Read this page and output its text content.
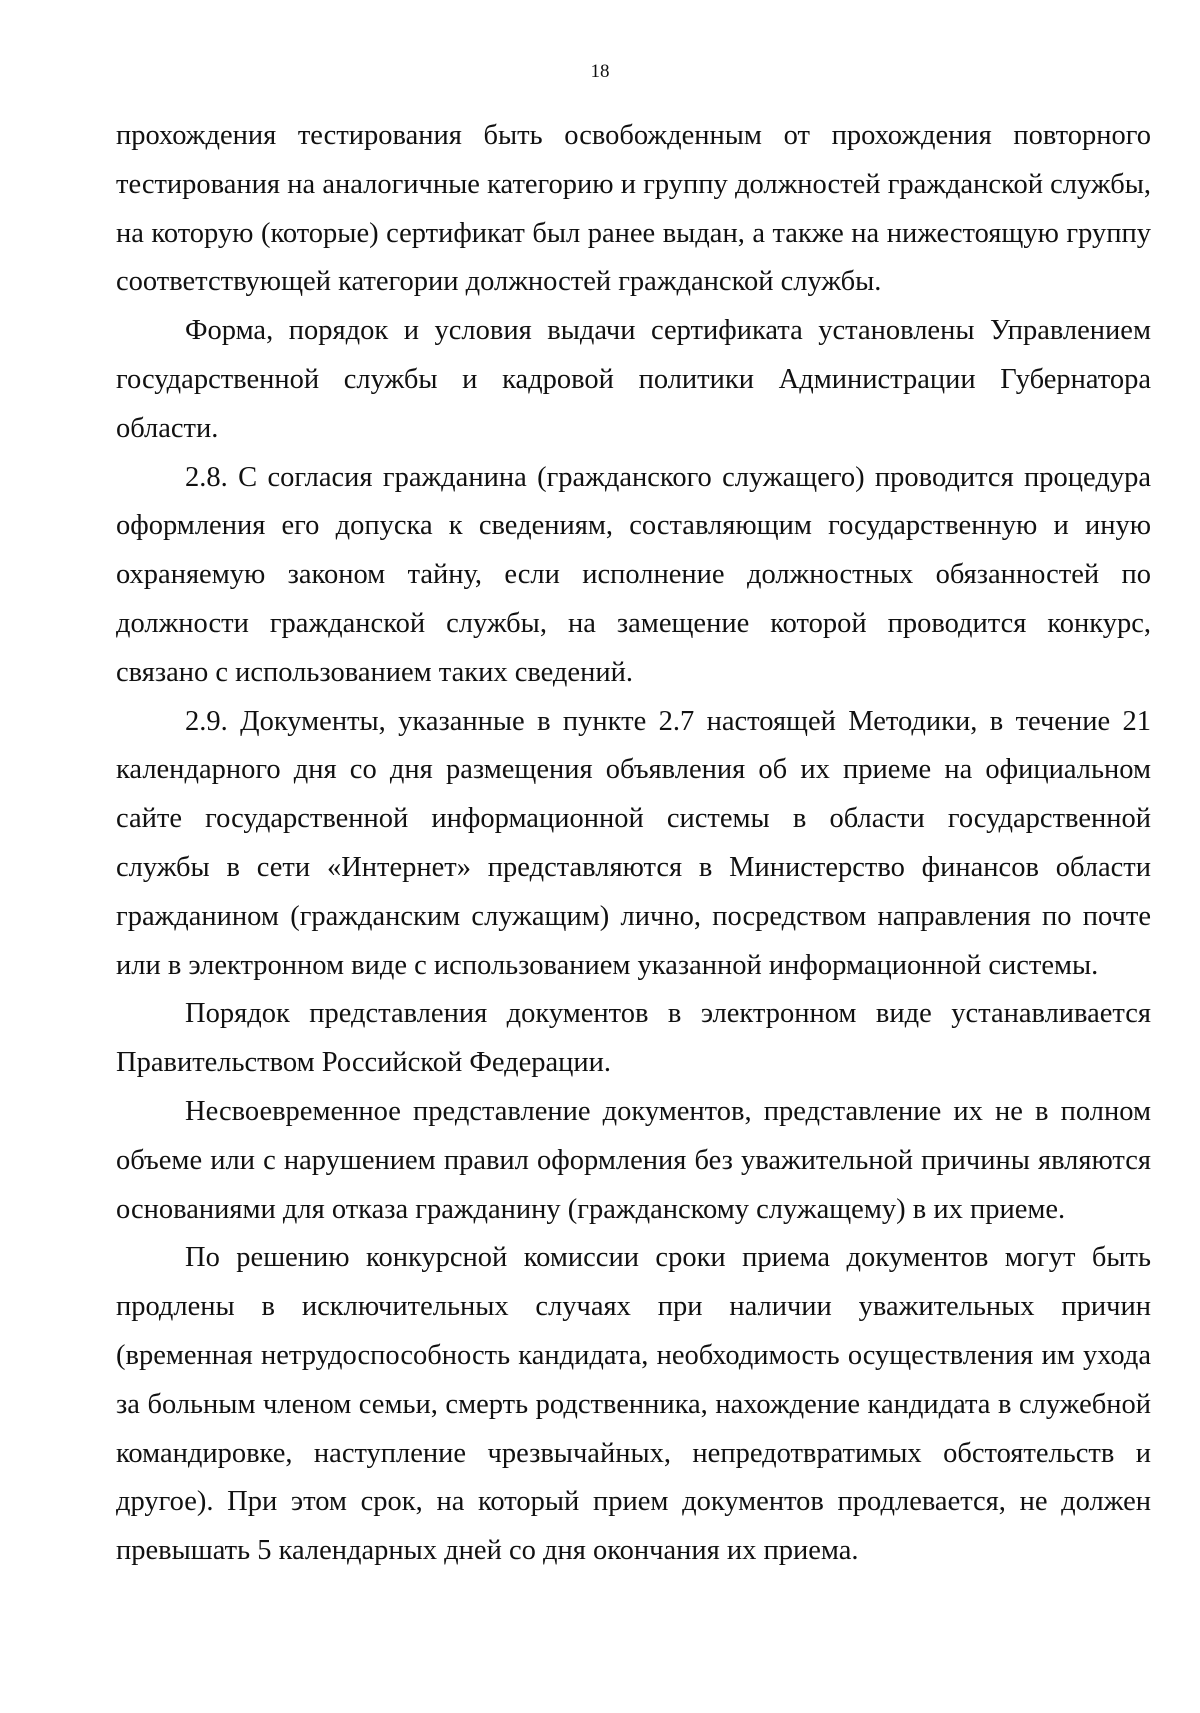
18

прохождения тестирования быть освобожденным от прохождения повторного тестирования на аналогичные категорию и группу должностей гражданской службы, на которую (которые) сертификат был ранее выдан, а также на нижестоящую группу соответствующей категории должностей гражданской службы.

Форма, порядок и условия выдачи сертификата установлены Управлением государственной службы и кадровой политики Администрации Губернатора области.

2.8. С согласия гражданина (гражданского служащего) проводится процедура оформления его допуска к сведениям, составляющим государственную и иную охраняемую законом тайну, если исполнение должностных обязанностей по должности гражданской службы, на замещение которой проводится конкурс, связано с использованием таких сведений.

2.9. Документы, указанные в пункте 2.7 настоящей Методики, в течение 21 календарного дня со дня размещения объявления об их приеме на официальном сайте государственной информационной системы в области государственной службы в сети «Интернет» представляются в Министерство финансов области гражданином (гражданским служащим) лично, посредством направления по почте или в электронном виде с использованием указанной информационной системы.

Порядок представления документов в электронном виде устанавливается Правительством Российской Федерации.

Несвоевременное представление документов, представление их не в полном объеме или с нарушением правил оформления без уважительной причины являются основаниями для отказа гражданину (гражданскому служащему) в их приеме.

По решению конкурсной комиссии сроки приема документов могут быть продлены в исключительных случаях при наличии уважительных причин (временная нетрудоспособность кандидата, необходимость осуществления им ухода за больным членом семьи, смерть родственника, нахождение кандидата в служебной командировке, наступление чрезвычайных, непредотвратимых обстоятельств и другое). При этом срок, на который прием документов продлевается, не должен превышать 5 календарных дней со дня окончания их приема.
